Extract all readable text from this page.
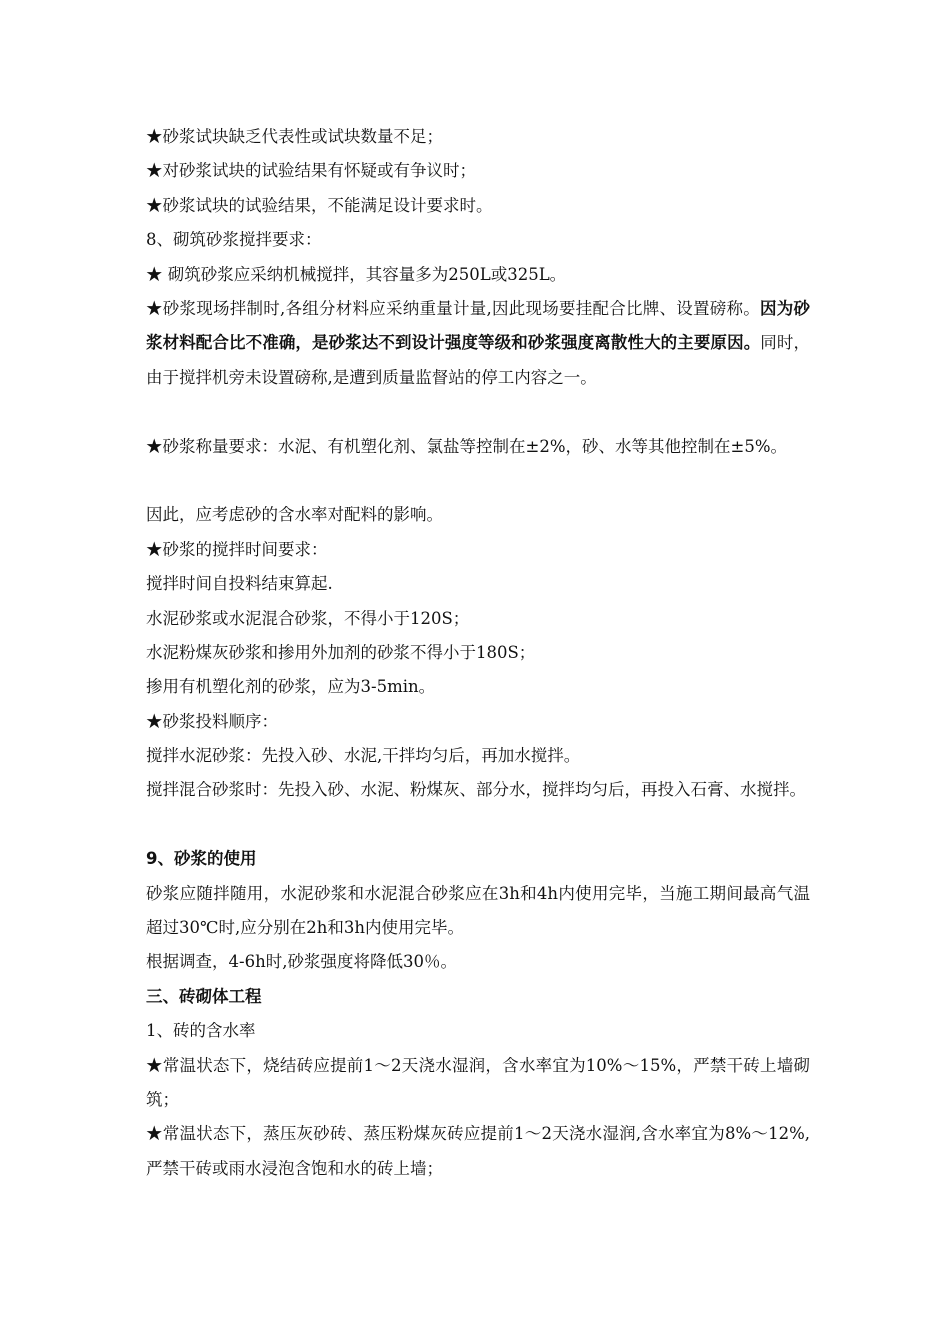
★砂浆试块缺乏代表性或试块数量不足；
★对砂浆试块的试验结果有怀疑或有争议时；
★砂浆试块的试验结果，不能满足设计要求时。
8、砌筑砂浆搅拌要求：
★ 砌筑砂浆应采纳机械搅拌，其容量多为250L或325L。
★砂浆现场拌制时,各组分材料应采纳重量计量,因此现场要挂配合比牌、设置磅称。因为砂浆材料配合比不准确，是砂浆达不到设计强度等级和砂浆强度离散性大的主要原因。同时，由于搅拌机旁未设置磅称,是遭到质量监督站的停工内容之一。
★砂浆称量要求：水泥、有机塑化剂、氯盐等控制在±2%，砂、水等其他控制在±5%。
因此，应考虑砂的含水率对配料的影响。
★砂浆的搅拌时间要求：
搅拌时间自投料结束算起.
水泥砂浆或水泥混合砂浆，不得小于120S；
水泥粉煤灰砂浆和掺用外加剂的砂浆不得小于180S；
掺用有机塑化剂的砂浆，应为3-5min。
★砂浆投料顺序：
搅拌水泥砂浆：先投入砂、水泥,干拌均匀后，再加水搅拌。
搅拌混合砂浆时：先投入砂、水泥、粉煤灰、部分水，搅拌均匀后，再投入石膏、水搅拌。
9、砂浆的使用
砂浆应随拌随用，水泥砂浆和水泥混合砂浆应在3h和4h内使用完毕，当施工期间最高气温超过30℃时,应分别在2h和3h内使用完毕。
根据调查，4-6h时,砂浆强度将降低30％。
三、砖砌体工程
1、砖的含水率
★常温状态下，烧结砖应提前1～2天浇水湿润，含水率宜为10%～15%，严禁干砖上墙砌筑；
★常温状态下，蒸压灰砂砖、蒸压粉煤灰砖应提前1～2天浇水湿润,含水率宜为8%～12%,严禁干砖或雨水浸泡含饱和水的砖上墙；
